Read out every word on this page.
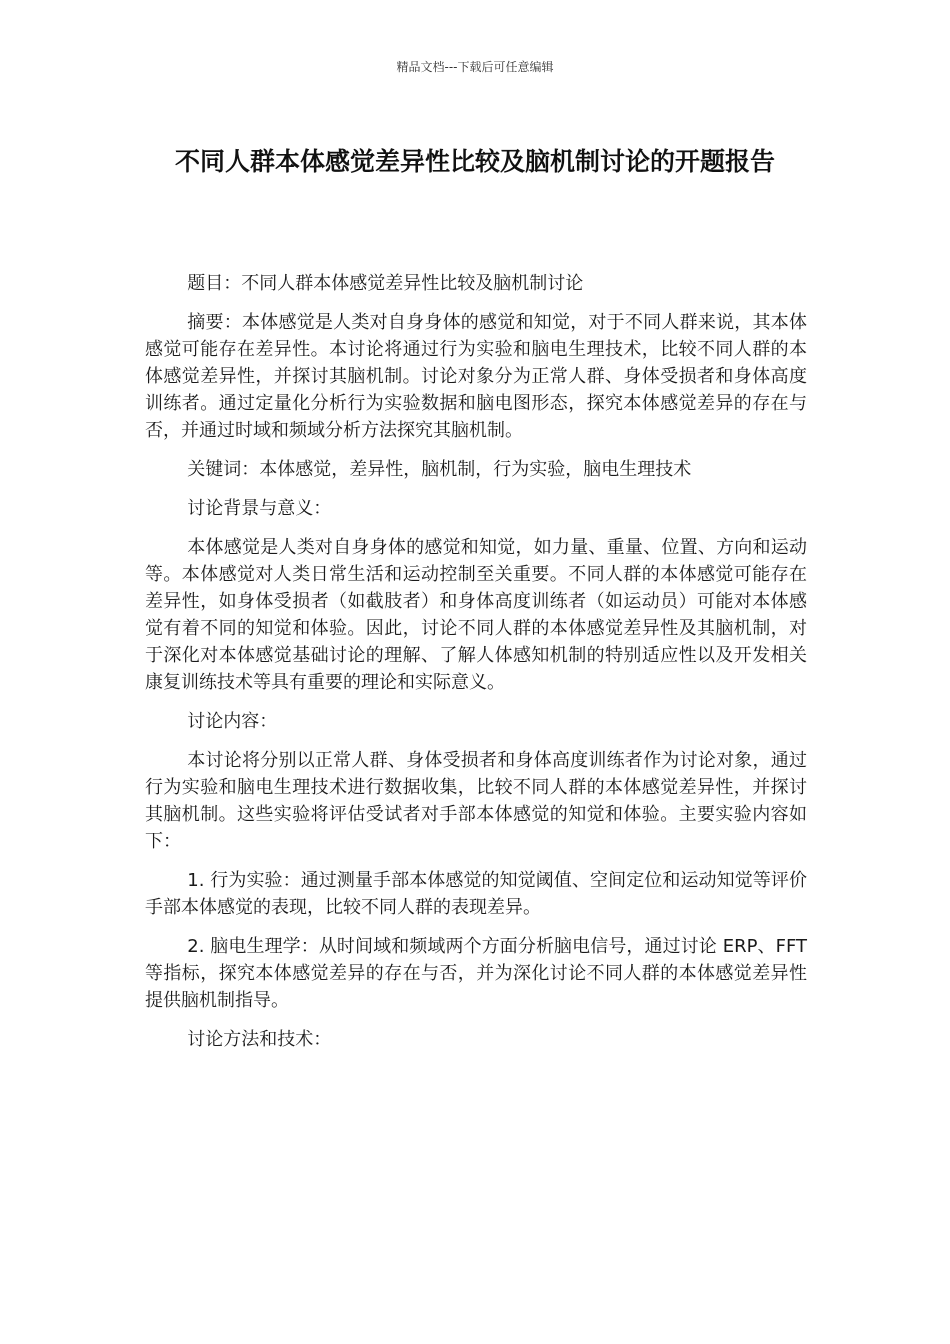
精品文档---下载后可任意编辑
不同人群本体感觉差异性比较及脑机制讨论的开题报告

题目：不同人群本体感觉差异性比较及脑机制讨论

摘要：本体感觉是人类对自身身体的感觉和知觉，对于不同人群来说，其本体感觉可能存在差异性。本讨论将通过行为实验和脑电生理技术，比较不同人群的本体感觉差异性，并探讨其脑机制。讨论对象分为正常人群、身体受损者和身体高度训练者。通过定量化分析行为实验数据和脑电图形态，探究本体感觉差异的存在与否，并通过时域和频域分析方法探究其脑机制。

关键词：本体感觉，差异性，脑机制，行为实验，脑电生理技术

讨论背景与意义：

本体感觉是人类对自身身体的感觉和知觉，如力量、重量、位置、方向和运动等。本体感觉对人类日常生活和运动控制至关重要。不同人群的本体感觉可能存在差异性，如身体受损者（如截肢者）和身体高度训练者（如运动员）可能对本体感觉有着不同的知觉和体验。因此，讨论不同人群的本体感觉差异性及其脑机制，对于深化对本体感觉基础讨论的理解、了解人体感知机制的特别适应性以及开发相关康复训练技术等具有重要的理论和实际意义。

讨论内容：

本讨论将分别以正常人群、身体受损者和身体高度训练者作为讨论对象，通过行为实验和脑电生理技术进行数据收集，比较不同人群的本体感觉差异性，并探讨其脑机制。这些实验将评估受试者对手部本体感觉的知觉和体验。主要实验内容如下：

1. 行为实验：通过测量手部本体感觉的知觉阈值、空间定位和运动知觉等评价手部本体感觉的表现，比较不同人群的表现差异。

2. 脑电生理学：从时间域和频域两个方面分析脑电信号，通过讨论 ERP、FFT 等指标，探究本体感觉差异的存在与否，并为深化讨论不同人群的本体感觉差异性提供脑机制指导。

讨论方法和技术：
